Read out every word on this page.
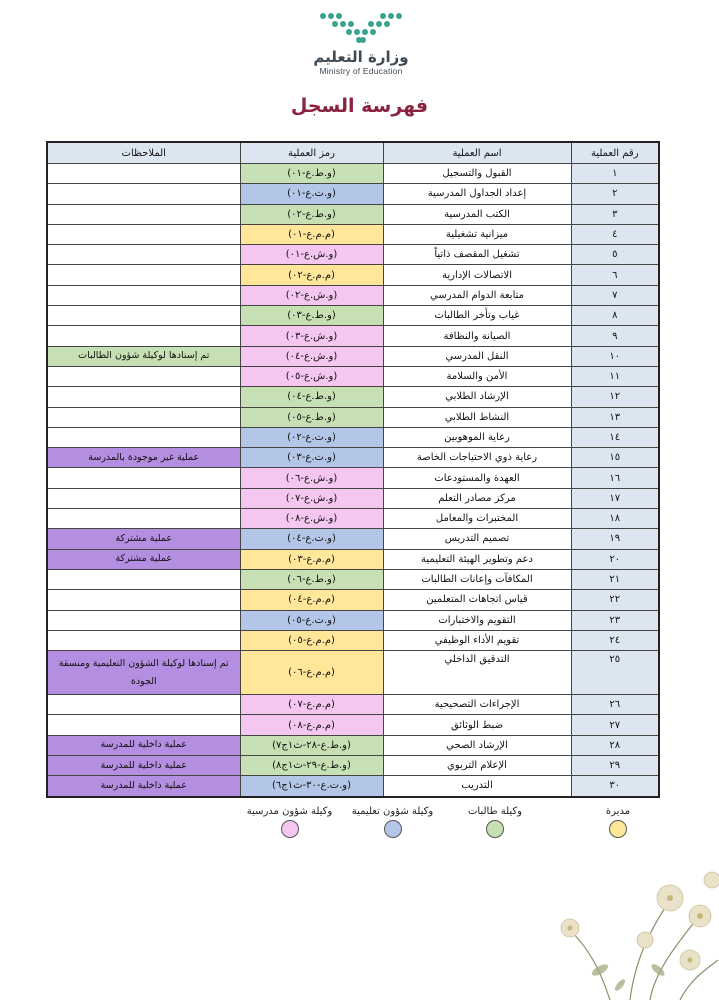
وزارة التعليم
Ministry of Education
فهرسة السجل
رقم العملية	اسم العملية	رمز العملية	الملاحظات
١	القبول والتسجيل	(و.ط.ع-٠١)	
٢	إعداد الجداول المدرسية	(و.ت.ع-٠١)	
٣	الكتب المدرسية	(و.ط.ع-٠٢)	
٤	ميزانية تشغيلية	(م.م.ع-٠١)	
٥	تشغيل المقصف ذاتياً	(و.ش.ع-٠١)	
٦	الاتصالات الإدارية	(م.م.ع-٠٢)	
٧	متابعة الدوام المدرسي	(و.ش.ع-٠٢)	
٨	غياب وتأخر الطالبات	(و.ط.ع-٠٣)	
٩	الصيانة والنظافة	(و.ش.ع-٠٣)	
١٠	النقل المدرسي	(و.ش.ع-٠٤)	تم إسنادها لوكيلة شؤون الطالبات
١١	الأمن والسلامة	(و.ش.ع-٠٥)	
١٢	الإرشاد الطلابي	(و.ط.ع-٠٤)	
١٣	النشاط الطلابي	(و.ط.ع-٠٥)	
١٤	رعاية الموهوبين	(و.ت.ع-٠٢)	
١٥	رعاية ذوي الاحتياجات الخاصة	(و.ت.ع-٠٣)	عملية غير موجودة بالمدرسة
١٦	العهدة والمستودعات	(و.ش.ع-٠٦)	
١٧	مركز مصادر التعلم	(و.ش.ع-٠٧)	
١٨	المختبرات والمعامل	(و.ش.ع-٠٨)	
١٩	تصميم التدريس	(و.ت.ع-٠٤)	عملية مشتركة
٢٠	دعم وتطوير الهيئة التعليمية	(م.م.ع-٠٣)	عملية مشتركة
٢١	المكافآت وإعانات الطالبات	(و.ط.ع-٠٦)	
٢٢	قياس اتجاهات المتعلمين	(م.م.ع-٠٤)	
٢٣	التقويم والاختبارات	(و.ت.ع-٠٥)	
٢٤	تقويم الأداء الوظيفي	(م.م.ع-٠٥)	
٢٥	التدقيق الداخلي	(م.م.ع-٠٦)	تم إسنادها لوكيلة الشؤون التعليمية ومنسقة الجودة
٢٦	الإجراءات التصحيحية	(م.م.ع-٠٧)	
٢٧	ضبط الوثائق	(م.م.ع-٠٨)	
٢٨	الإرشاد الصحي	(و.ط.ع-٢٨-ث١ج٧)	عملية داخلية للمدرسة
٢٩	الإعلام التربوي	(و.ط.ع-٢٩-ث١ج٨)	عملية داخلية للمدرسة
٣٠	التدريب	(و.ت.ع-٣٠-ث١ج٦)	عملية داخلية للمدرسة
مديرة
وكيلة طالبات
وكيلة شؤون تعليمية
وكيلة شؤون مدرسية
